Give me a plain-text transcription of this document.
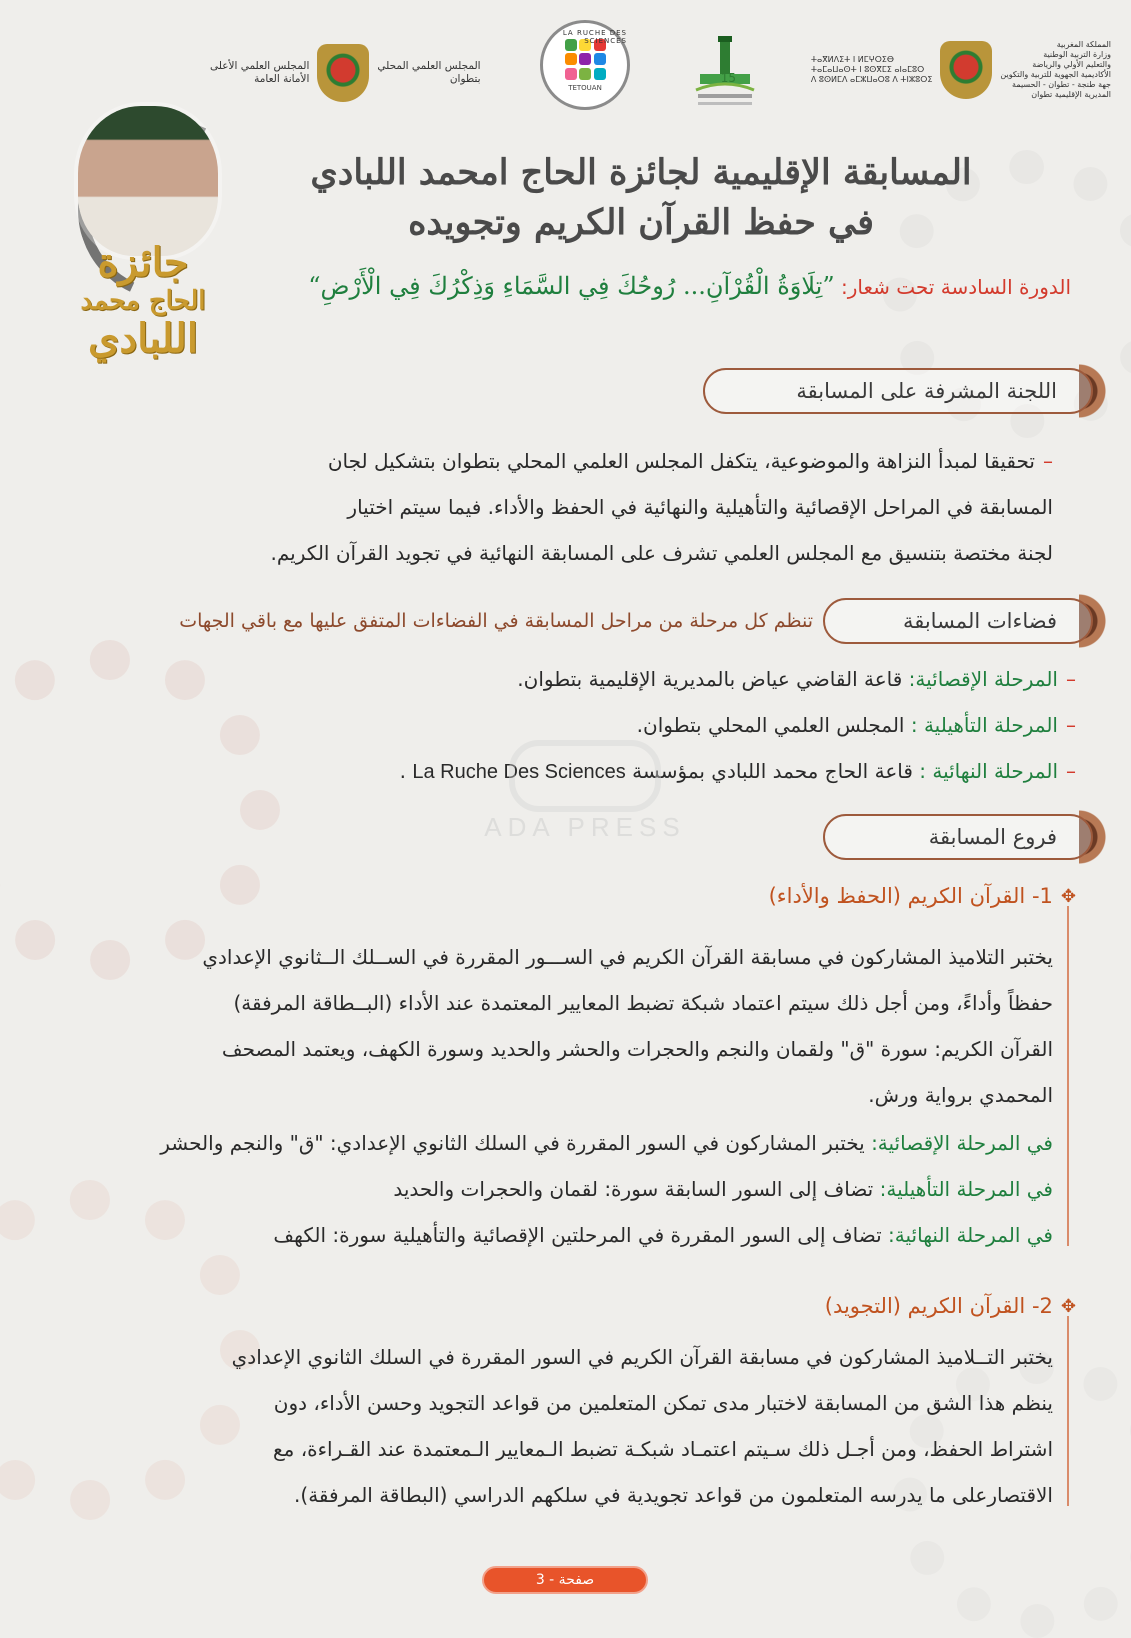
المملكة المغربية
وزارة التربية الوطنية
والتعليم الأولي والرياضة
الأكاديمية الجهوية للتربية والتكوين
جهة طنجة - تطوان - الحسيمة
المديرية الإقليمية تطوان
ⵜⴰⴳⵍⴷⵉⵜ ⵏ ⵍⵎⵖⵔⵉⴱ
ⵜⴰⵎⴰⵡⴰⵙⵜ ⵏ ⵓⵙⴳⵎⵉ ⴰⵏⴰⵎⵓⵔ
ⴷ ⵓⵙⵍⵎⴷ ⴰⵎⵣⵡⴰⵔⵓ ⴷ ⵜⵏⵣⵓⵔⵉ
15
LA RUCHE DES SCIENCES
TETOUAN
المجلس العلمي المحلي
بتطوان
المجلس العلمي الأعلى
الأمانة العامة
جائزة
الحاج محمد
اللبادي
المسابقة الإقليمية لجائزة الحاج امحمد اللبادي
في حفظ القرآن الكريم وتجويده
الدورة السادسة تحت شعار: ”تِلَاوَةُ الْقُرْآنِ... رُوحُكَ فِي السَّمَاءِ وَذِكْرُكَ فِي الْأَرْضِ“
اللجنة المشرفة على المسابقة
–تحقيقا لمبدأ النزاهة والموضوعية، يتكفل المجلس العلمي المحلي بتطوان بتشكيل لجان
المسابقة في المراحل الإقصائية والتأهيلية والنهائية في الحفظ والأداء. فيما سيتم اختيار
لجنة مختصة بتنسيق مع المجلس العلمي تشرف على المسابقة النهائية في تجويد القرآن الكريم.
فضاءات المسابقة
تنظم كل مرحلة من مراحل المسابقة في الفضاءات المتفق عليها مع باقي الجهات
–المرحلة الإقصائية: قاعة القاضي عياض بالمديرية الإقليمية بتطوان.
–المرحلة التأهيلية : المجلس العلمي المحلي بتطوان.
–المرحلة النهائية : قاعة الحاج محمد اللبادي بمؤسسة La Ruche Des Sciences .
ADA PRESS	فروع المسابقة
✥
1- القرآن الكريم (الحفظ والأداء)
يختبر التلاميذ المشاركون في مسابقة القرآن الكريم في الســـور المقررة في الســلك الــثانوي الإعدادي
حفظاً وأداءً، ومن أجل ذلك سيتم اعتماد شبكة تضبط المعايير المعتمدة عند الأداء (البــطاقة المرفقة)
القرآن الكريم: سورة "ق" ولقمان والنجم والحجرات والحشر والحديد وسورة الكهف، ويعتمد المصحف
المحمدي برواية ورش.
في المرحلة الإقصائية: يختبر المشاركون في السور المقررة في السلك الثانوي الإعدادي: "ق" والنجم والحشر
في المرحلة التأهيلية: تضاف إلى السور السابقة سورة: لقمان والحجرات والحديد
في المرحلة النهائية: تضاف إلى السور المقررة في المرحلتين الإقصائية والتأهيلية سورة: الكهف
✥
2- القرآن الكريم (التجويد)
يختبر التــلاميذ المشاركون في مسابقة القرآن الكريم في السور المقررة في السلك الثانوي الإعدادي
ينظم هذا الشق من المسابقة لاختبار مدى تمكن المتعلمين من قواعد التجويد وحسن الأداء، دون
اشتراط الحفظ، ومن أجـل ذلك سـيتم اعتمـاد شبكـة تضبط الـمعايير الـمعتمدة عند القـراءة، مع
الاقتصارعلى ما يدرسه المتعلمون من قواعد تجويدية في سلكهم الدراسي (البطاقة المرفقة).
صفحة - 3
